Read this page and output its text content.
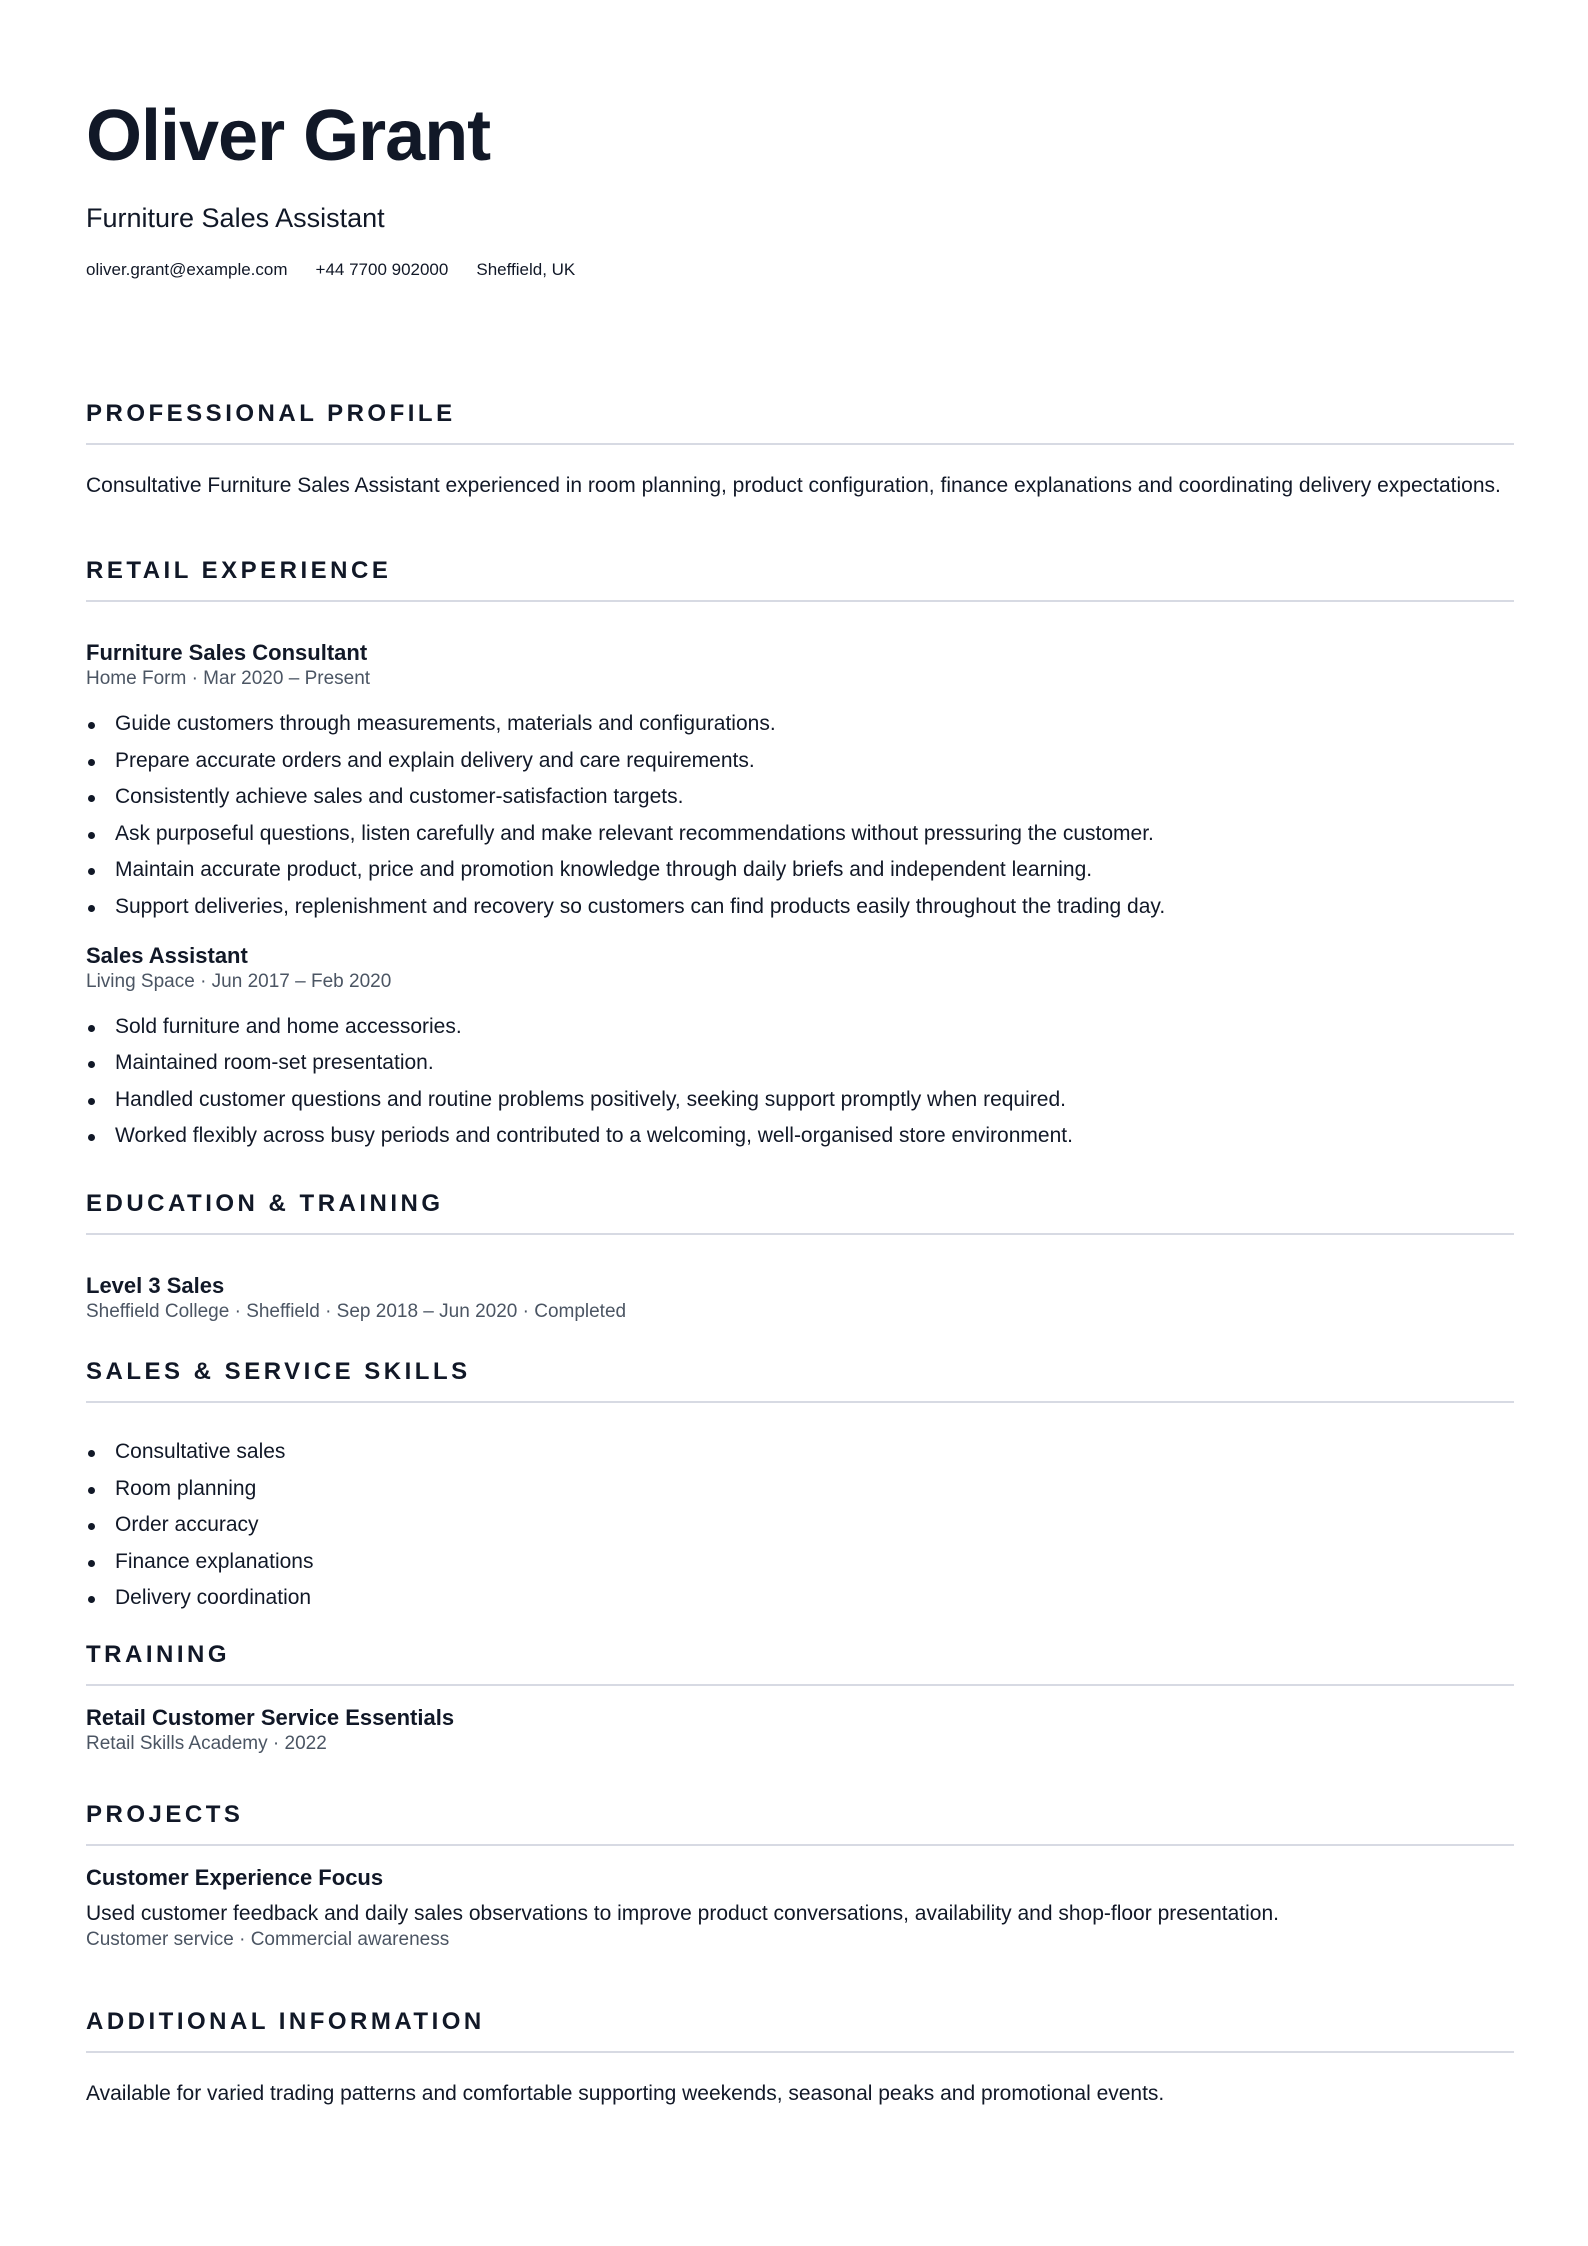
Oliver Grant
Furniture Sales Assistant
oliver.grant@example.com +44 7700 902000 Sheffield, UK
PROFESSIONAL PROFILE
Consultative Furniture Sales Assistant experienced in room planning, product configuration, finance explanations and coordinating delivery expectations.
RETAIL EXPERIENCE
Furniture Sales Consultant
Home Form · Mar 2020 – Present
Guide customers through measurements, materials and configurations.
Prepare accurate orders and explain delivery and care requirements.
Consistently achieve sales and customer-satisfaction targets.
Ask purposeful questions, listen carefully and make relevant recommendations without pressuring the customer.
Maintain accurate product, price and promotion knowledge through daily briefs and independent learning.
Support deliveries, replenishment and recovery so customers can find products easily throughout the trading day.
Sales Assistant
Living Space · Jun 2017 – Feb 2020
Sold furniture and home accessories.
Maintained room-set presentation.
Handled customer questions and routine problems positively, seeking support promptly when required.
Worked flexibly across busy periods and contributed to a welcoming, well-organised store environment.
EDUCATION & TRAINING
Level 3 Sales
Sheffield College · Sheffield · Sep 2018 – Jun 2020 · Completed
SALES & SERVICE SKILLS
Consultative sales
Room planning
Order accuracy
Finance explanations
Delivery coordination
TRAINING
Retail Customer Service Essentials
Retail Skills Academy · 2022
PROJECTS
Customer Experience Focus
Used customer feedback and daily sales observations to improve product conversations, availability and shop-floor presentation.
Customer service · Commercial awareness
ADDITIONAL INFORMATION
Available for varied trading patterns and comfortable supporting weekends, seasonal peaks and promotional events.
